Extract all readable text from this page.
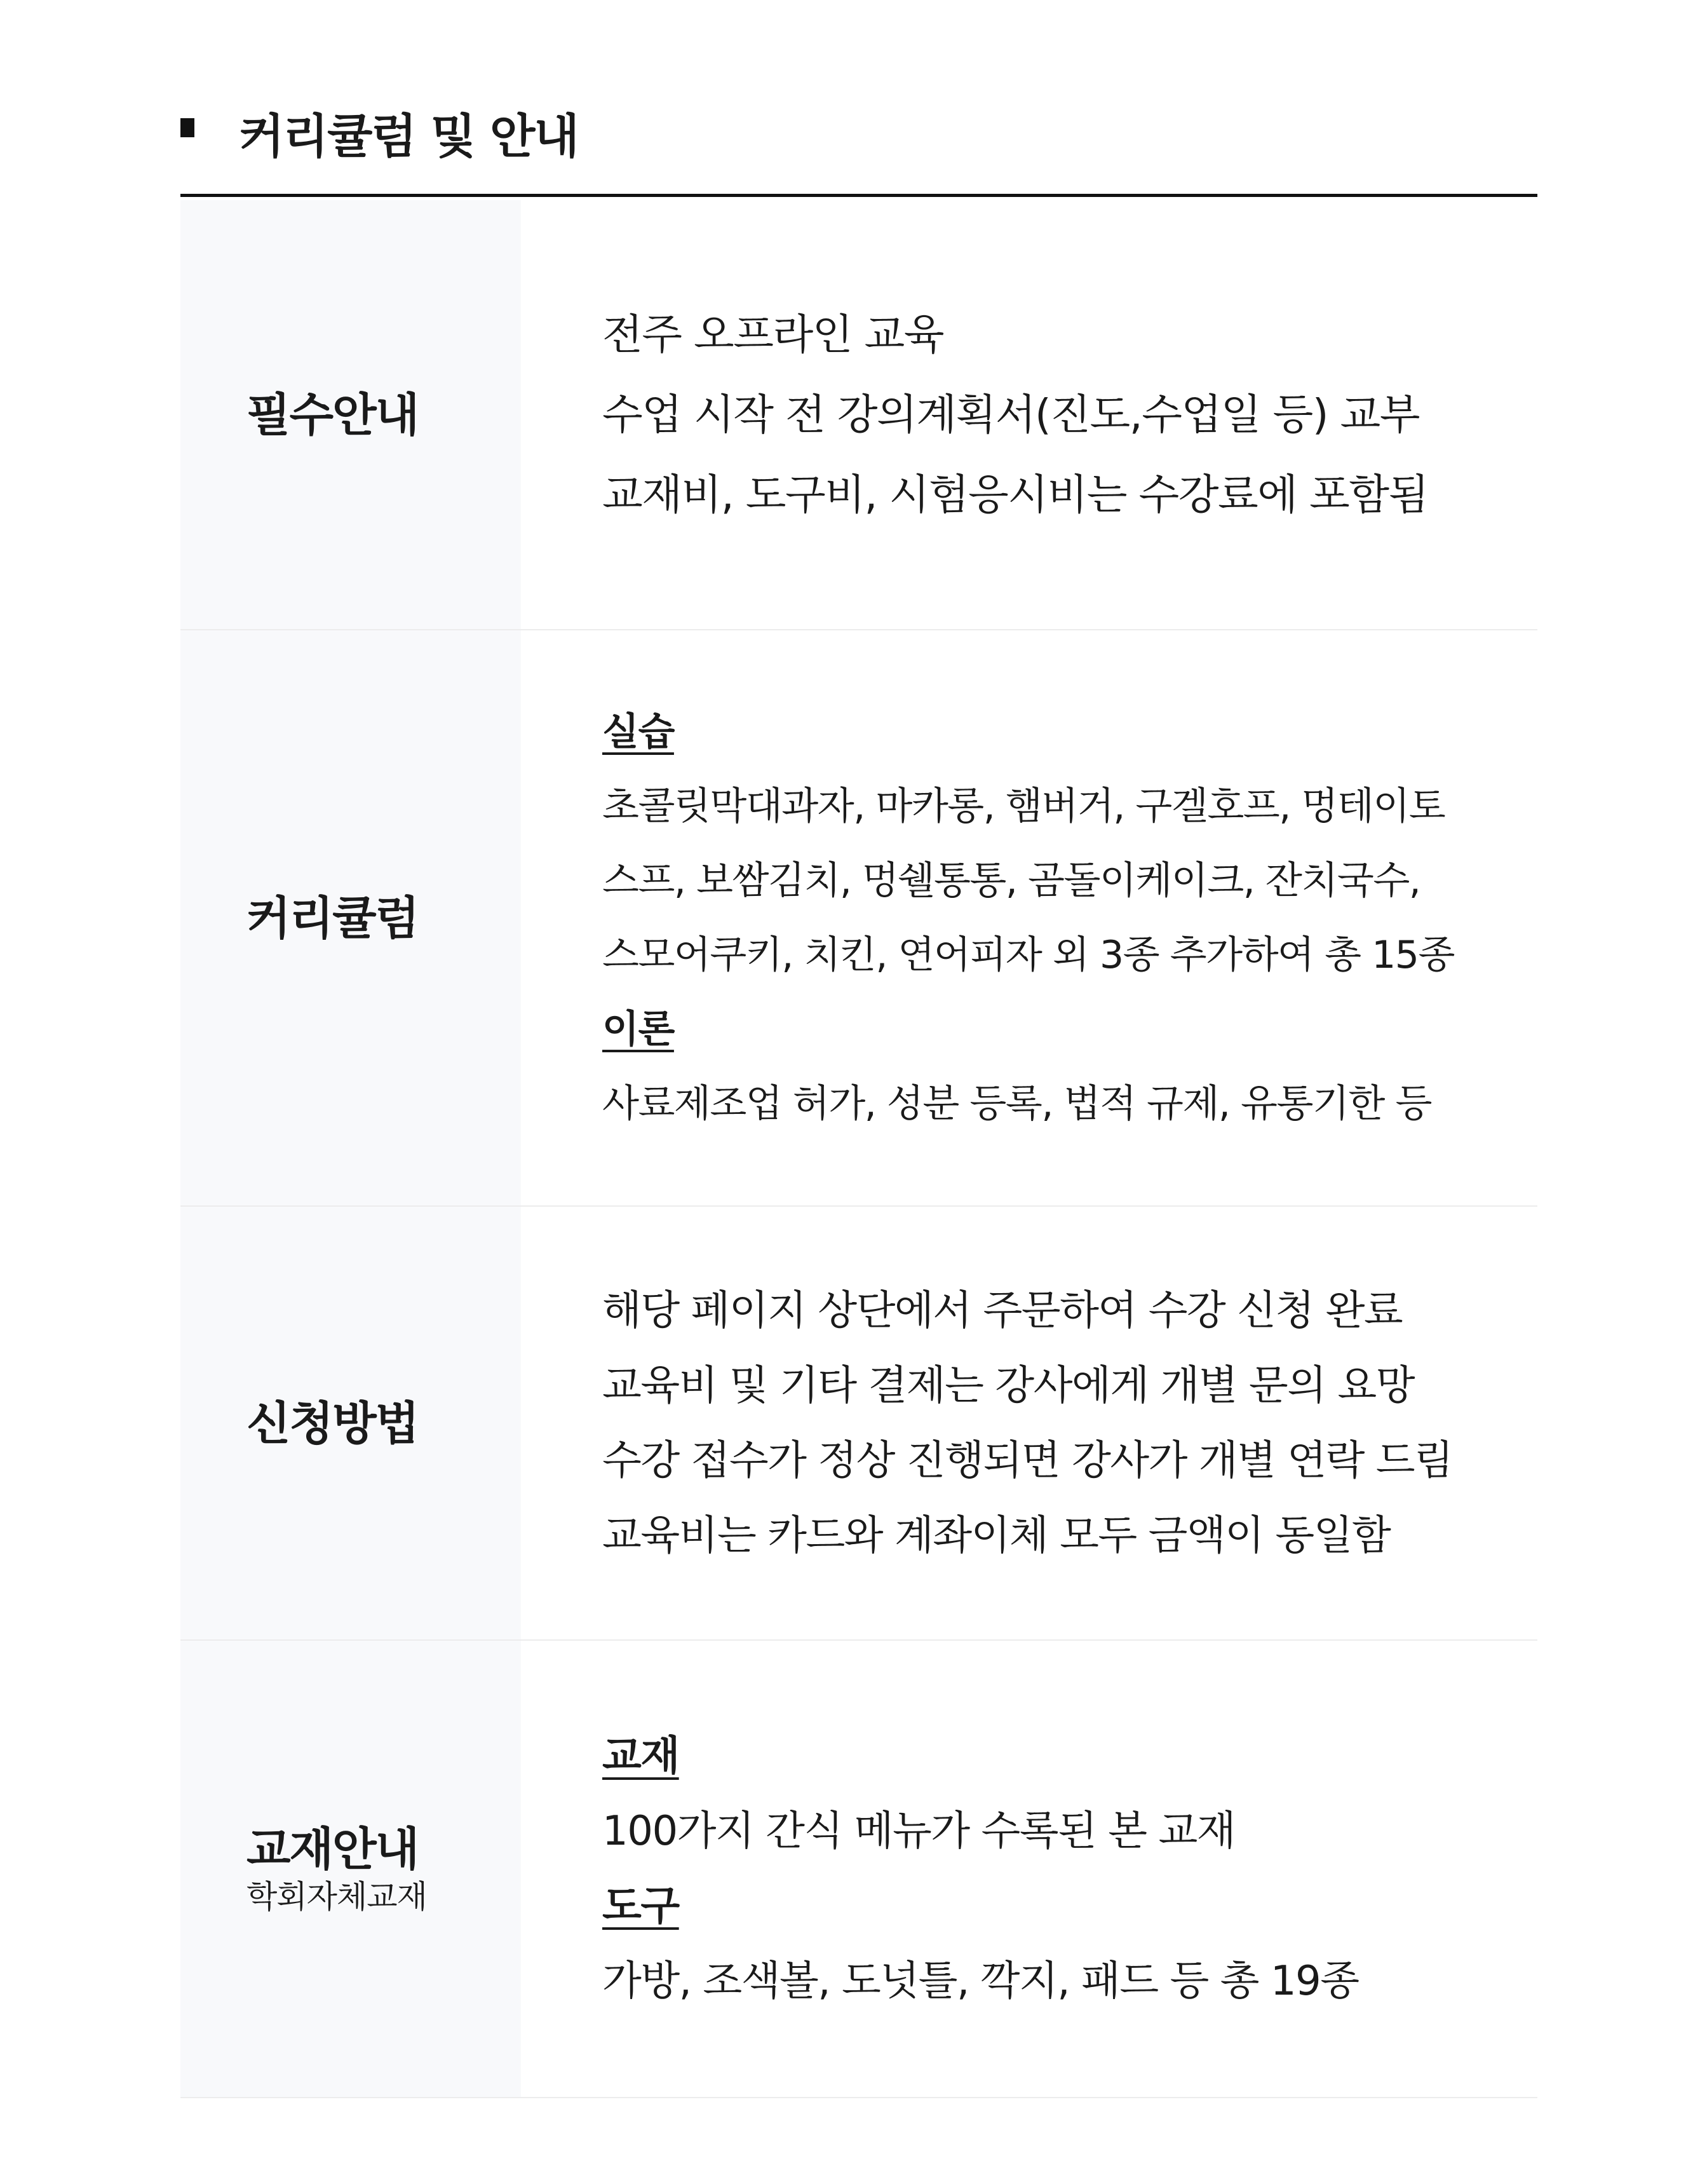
커리큘럼 및 안내
필수안내
전주 오프라인 교육
수업 시작 전 강의계획서(진도,수업일 등) 교부
교재비, 도구비, 시험응시비는 수강료에 포함됨
커리큘럼
실습
초콜릿막대과자, 마카롱, 햄버거, 구겔호프, 멍테이토
스프, 보쌈김치, 멍쉘통통, 곰돌이케이크, 잔치국수,
스모어쿠키, 치킨, 연어피자 외 3종 추가하여 총 15종
이론
사료제조업 허가, 성분 등록, 법적 규제, 유통기한 등
신청방법
해당 페이지 상단에서 주문하여 수강 신청 완료
교육비 및 기타 결제는 강사에게 개별 문의 요망
수강 접수가 정상 진행되면 강사가 개별 연락 드림
교육비는 카드와 계좌이체 모두 금액이 동일함
교재안내
학회자체교재
교재
100가지 간식 메뉴가 수록된 본 교재
도구
가방, 조색볼, 도넛틀, 깍지, 패드 등 총 19종
